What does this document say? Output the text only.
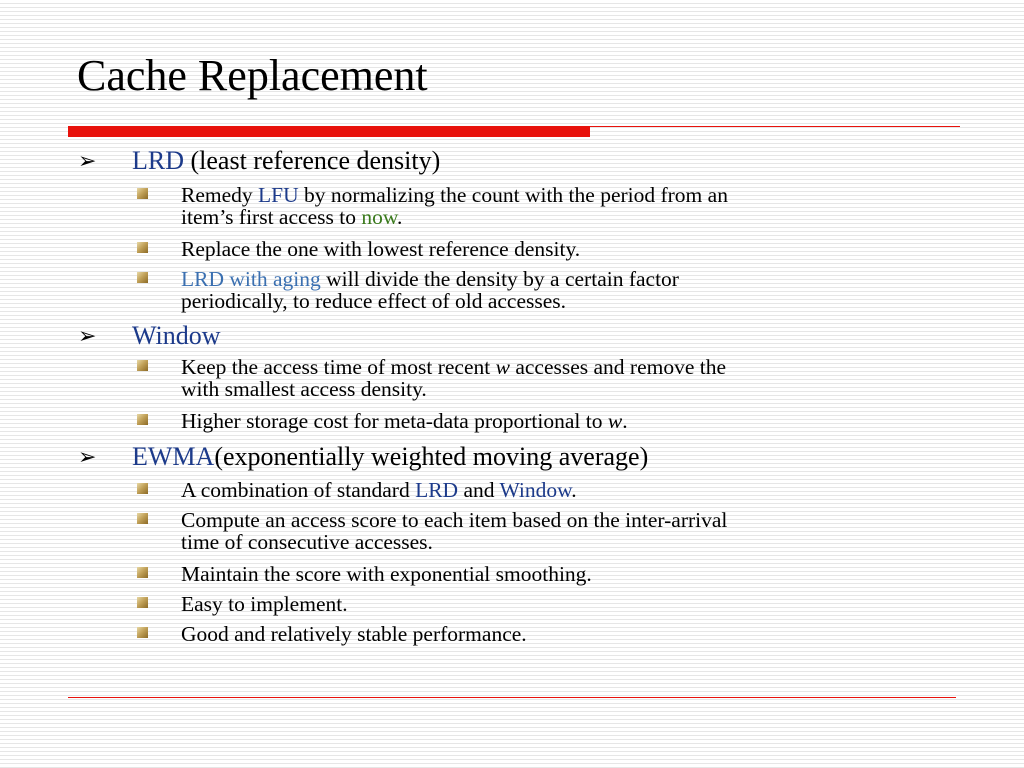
Cache Replacement
➢ LRD (least reference density)
Remedy LFU by normalizing the count with the period from an
item’s first access to now.
Replace the one with lowest reference density.
LRD with aging will divide the density by a certain factor
periodically, to reduce effect of old accesses.
➢ Window
Keep the access time of most recent w accesses and remove the
with smallest access density.
Higher storage cost for meta-data proportional to w.
➢ EWMA(exponentially weighted moving average)
A combination of standard LRD and Window.
Compute an access score to each item based on the inter-arrival
time of consecutive accesses.
Maintain the score with exponential smoothing.
Easy to implement.
Good and relatively stable performance.
